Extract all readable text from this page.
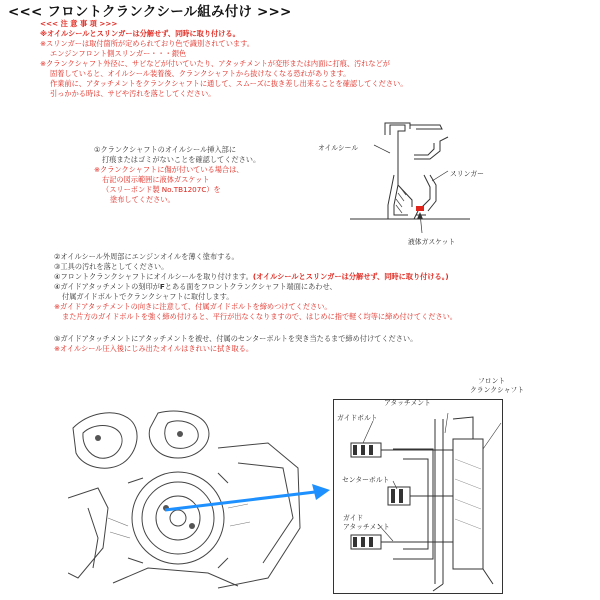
<<< フロントクランクシール組み付け >>>
<<< 注 意 事 項 >>>
※オイルシールとスリンガーは分解せず、同時に取り付ける。
※スリンガーは取付箇所が定められており色で識別されています。
エンジンフロント側スリンガー・・・銀色
※クランクシャフト外径に、サビなどが付いていたり、アタッチメントが変形または内面に打痕、汚れなどが
固着していると、オイルシール装着後、クランクシャフトから抜けなくなる恐れがあります。
作業前に、アタッチメントをクランクシャフトに通して、スムーズに抜き差し出来ることを確認してください。
引っかかる時は、サビや汚れを落としてください。
①クランクシャフトのオイルシール挿入部に
打痕またはゴミがないことを確認してください。
※クランクシャフトに傷が付いている場合は、
右記の図示範囲に液体ガスケット
（スリーボンド製 No.TB1207C）を
塗布してください。
オイルシール
スリンガー
液体ガスケット
②オイルシール外周部にエンジンオイルを薄く塗布する。
③工具の汚れを落としてください。
④フロントクランクシャフトにオイルシールを取り付けます。(オイルシールとスリンガーは分解せず、同時に取り付ける。)
④ガイドアタッチメントの刻印がFとある面をフロントクランクシャフト端面にあわせ、
付属ガイドボルトでクランクシャフトに取付します。
※ガイドアタッチメントの向きに注意して、付属ガイドボルトを締めつけてください。
また片方のガイドボルトを強く締め付けると、平行が出なくなりますので、はじめに指で軽く均等に締め付けてください。
⑤ガイドアタッチメントにアタッチメントを被せ、付属のセンターボルトを突き当たるまで締め付けてください。
※オイルシール圧入後にじみ出たオイルはきれいに拭き取る。
フロント
クランクシャフト
アタッチメント
ガイドボルト
センターボルト
ガイド
アタッチメント
